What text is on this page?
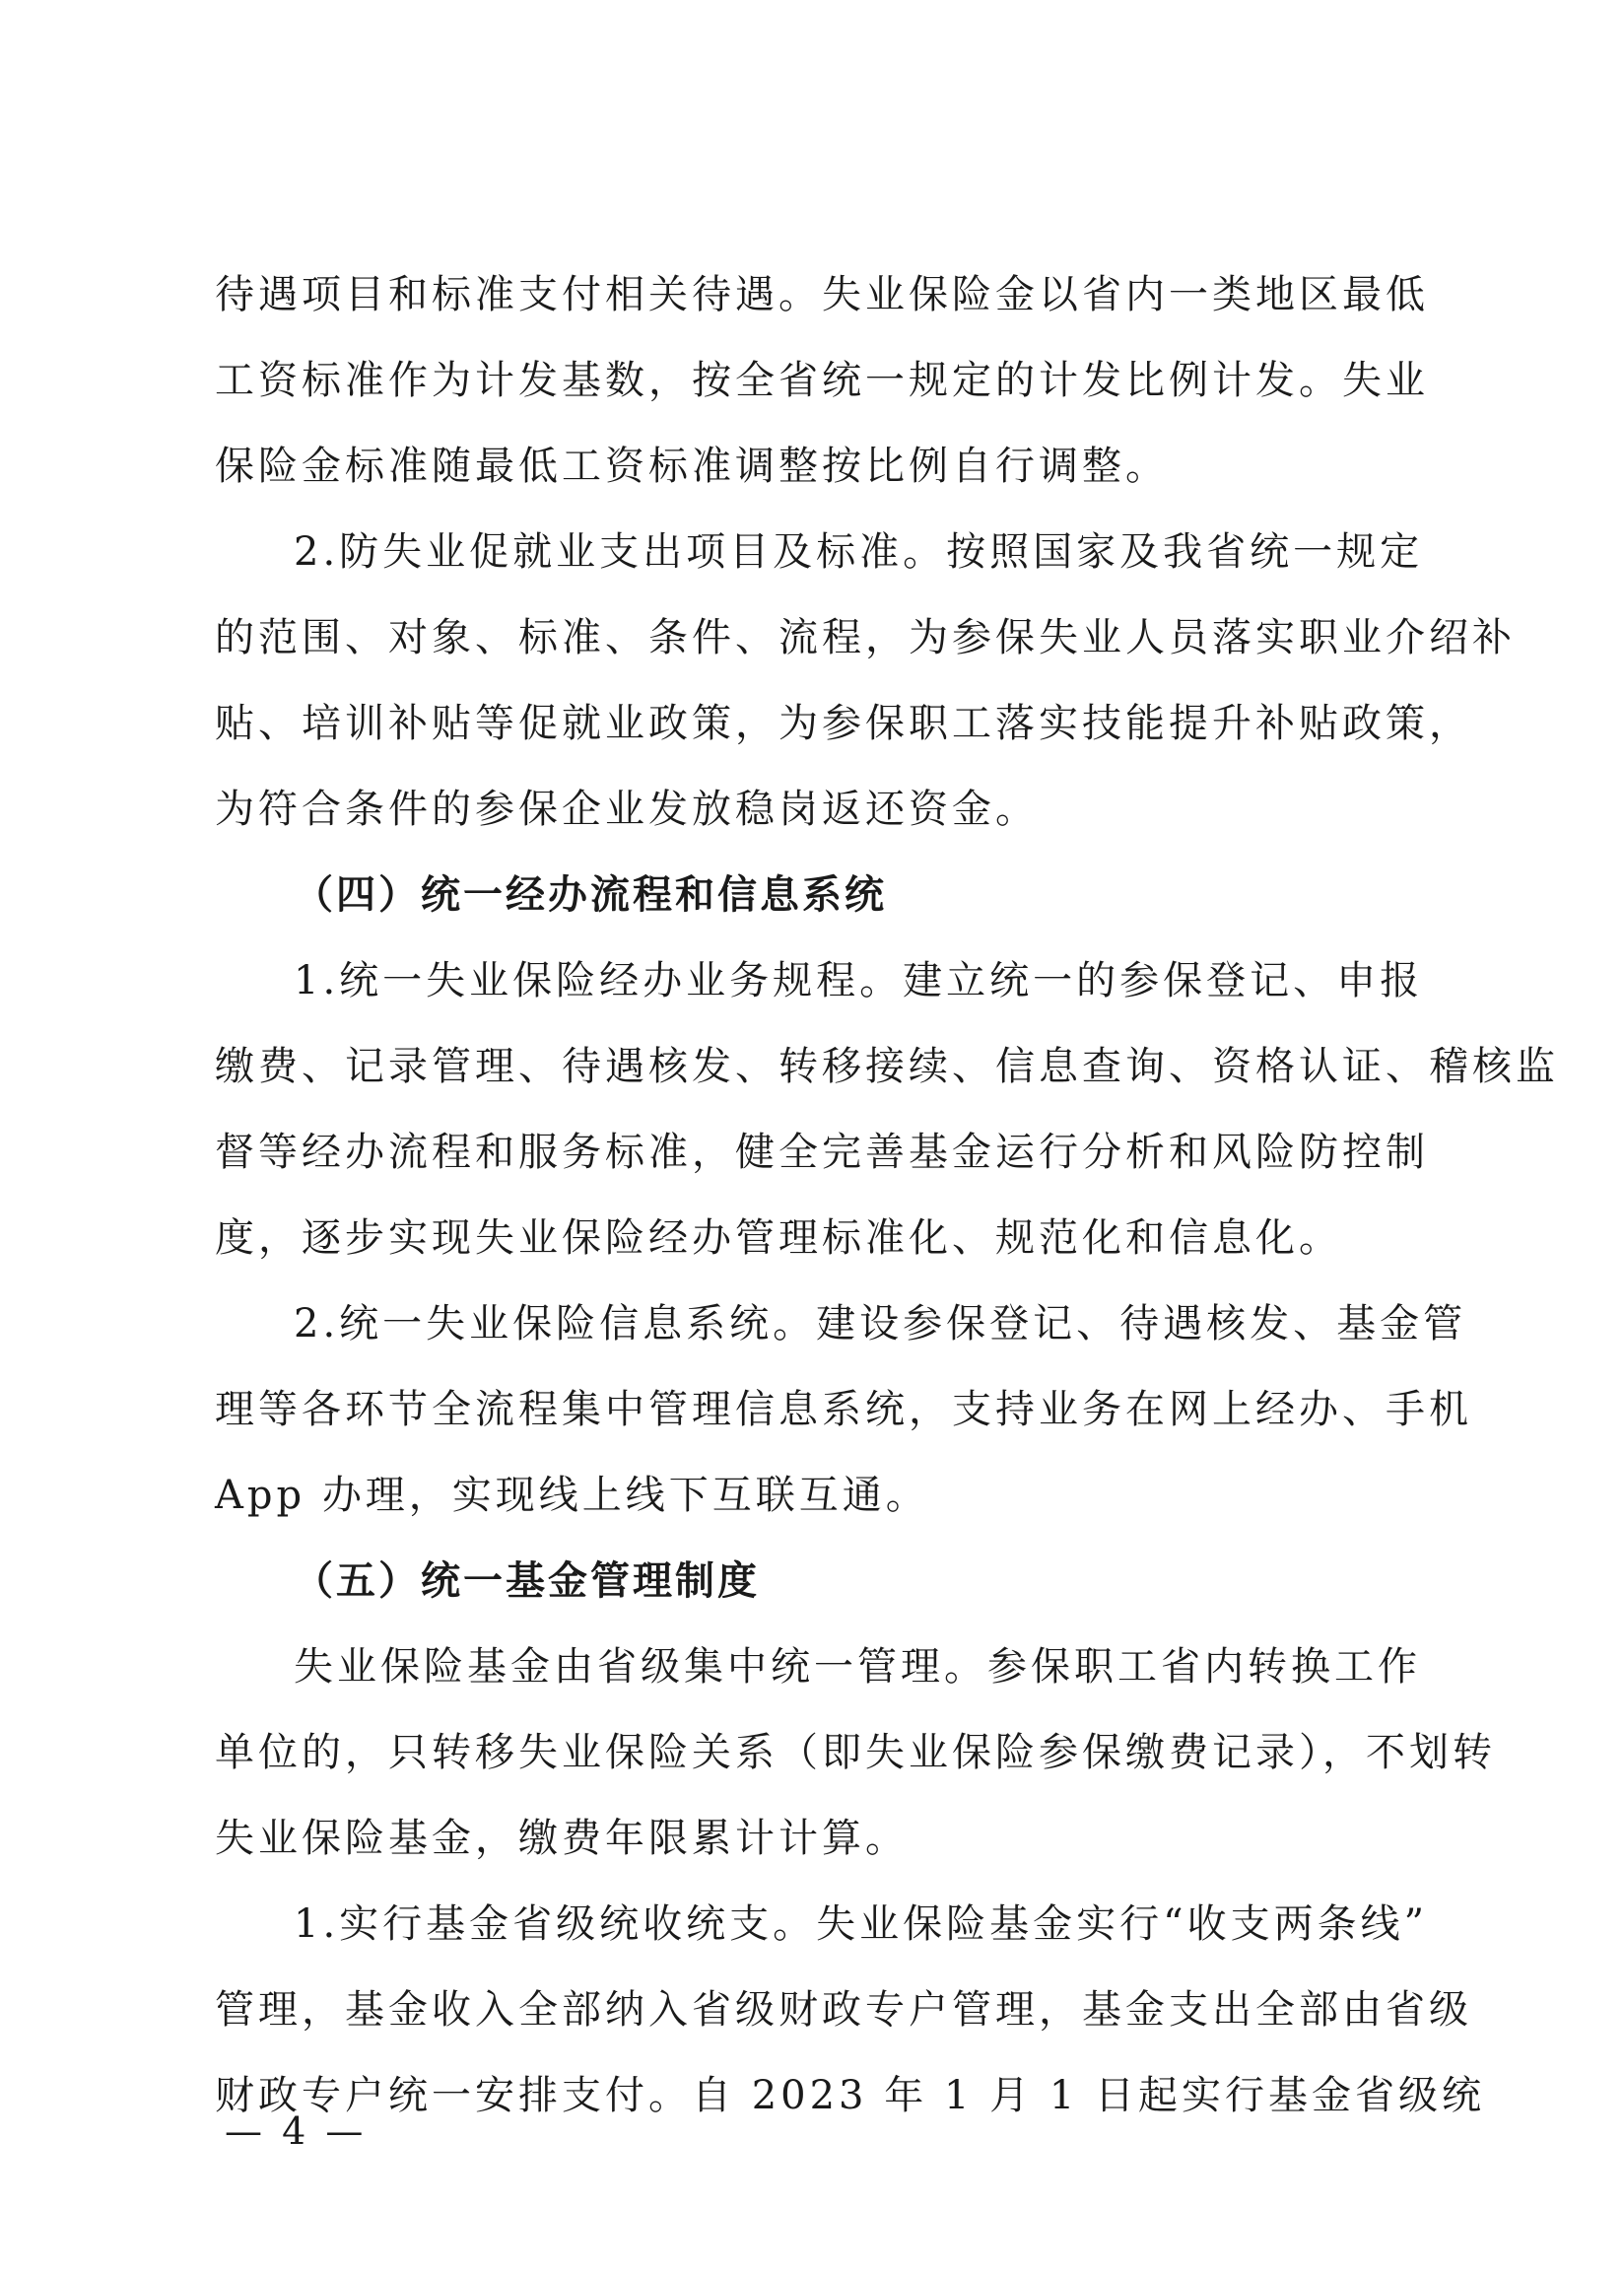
待遇项目和标准支付相关待遇。失业保险金以省内一类地区最低
工资标准作为计发基数，按全省统一规定的计发比例计发。失业
保险金标准随最低工资标准调整按比例自行调整。
2.防失业促就业支出项目及标准。按照国家及我省统一规定
的范围、对象、标准、条件、流程，为参保失业人员落实职业介绍补
贴、培训补贴等促就业政策，为参保职工落实技能提升补贴政策，
为符合条件的参保企业发放稳岗返还资金。
（四）统一经办流程和信息系统
1.统一失业保险经办业务规程。建立统一的参保登记、申报
缴费、记录管理、待遇核发、转移接续、信息查询、资格认证、稽核监
督等经办流程和服务标准，健全完善基金运行分析和风险防控制
度，逐步实现失业保险经办管理标准化、规范化和信息化。
2.统一失业保险信息系统。建设参保登记、待遇核发、基金管
理等各环节全流程集中管理信息系统，支持业务在网上经办、手机
App 办理，实现线上线下互联互通。
（五）统一基金管理制度
失业保险基金由省级集中统一管理。参保职工省内转换工作
单位的，只转移失业保险关系（即失业保险参保缴费记录），不划转
失业保险基金，缴费年限累计计算。
1.实行基金省级统收统支。失业保险基金实行“收支两条线”
管理，基金收入全部纳入省级财政专户管理，基金支出全部由省级
财政专户统一安排支付。自 2023 年 1 月 1 日起实行基金省级统
— 4 —
